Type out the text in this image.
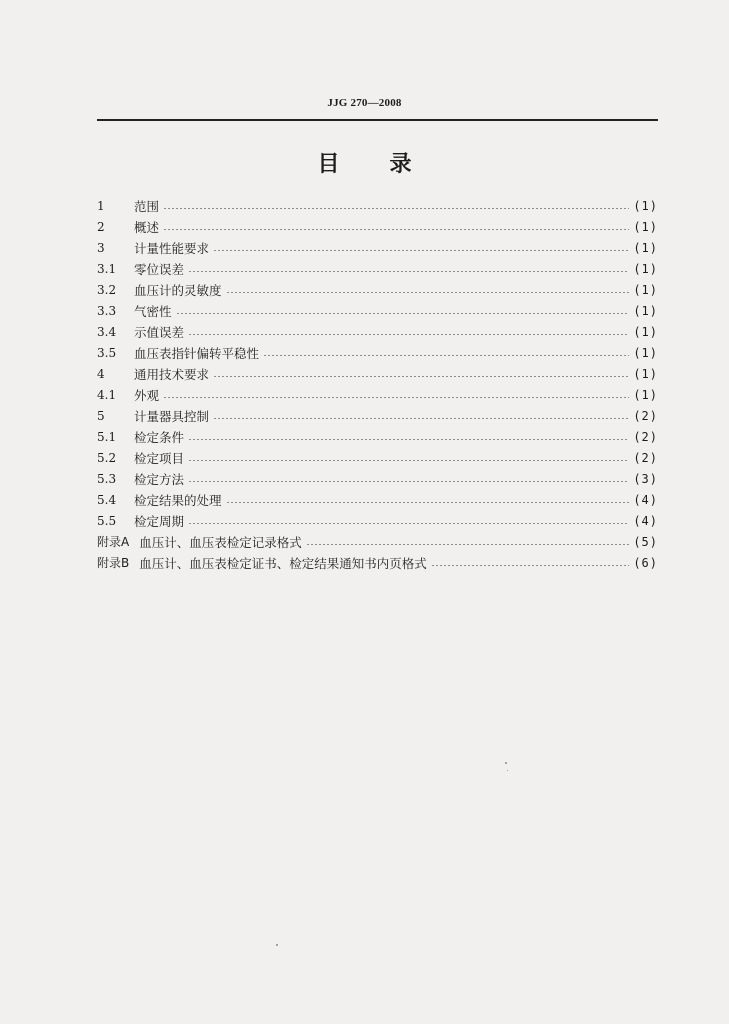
JJG 270—2008
目 录
1	范围	(1)
2	概述	(1)
3	计量性能要求	(1)
3.1	零位误差	(1)
3.2	血压计的灵敏度	(1)
3.3	气密性	(1)
3.4	示值误差	(1)
3.5	血压表指针偏转平稳性	(1)
4	通用技术要求	(1)
4.1	外观	(1)
5	计量器具控制	(2)
5.1	检定条件	(2)
5.2	检定项目	(2)
5.3	检定方法	(3)
5.4	检定结果的处理	(4)
5.5	检定周期	(4)
附录A 血压计、血压表检定记录格式	(5)
附录B 血压计、血压表检定证书、检定结果通知书内页格式	(6)
